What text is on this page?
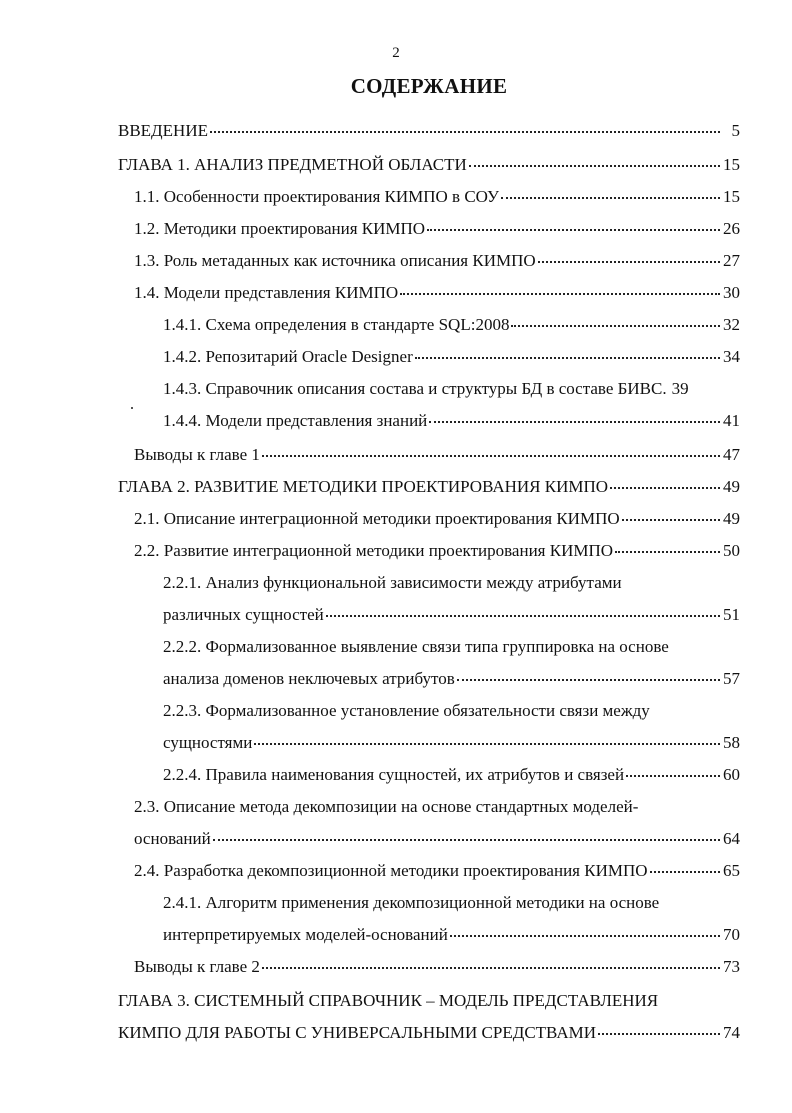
2
СОДЕРЖАНИЕ
ВВЕДЕНИЕ	5
ГЛАВА 1. АНАЛИЗ ПРЕДМЕТНОЙ ОБЛАСТИ	15
1.1. Особенности проектирования КИМПО в СОУ	15
1.2. Методики проектирования КИМПО	26
1.3. Роль метаданных как источника описания КИМПО	27
1.4. Модели представления КИМПО	30
1.4.1. Схема определения в стандарте SQL:2008	32
1.4.2. Репозитарий Oracle Designer	34
1.4.3. Справочник описания состава и структуры БД в составе БИВС. 39
1.4.4. Модели представления знаний	41
Выводы к главе 1	47
ГЛАВА 2. РАЗВИТИЕ МЕТОДИКИ ПРОЕКТИРОВАНИЯ КИМПО	49
2.1. Описание интеграционной методики проектирования КИМПО	49
2.2. Развитие интеграционной методики проектирования КИМПО	50
2.2.1. Анализ функциональной зависимости между атрибутами
различных сущностей	51
2.2.2. Формализованное выявление связи типа группировка на основе
анализа доменов неключевых атрибутов	57
2.2.3. Формализованное установление обязательности связи между
сущностями	58
2.2.4. Правила наименования сущностей, их атрибутов и связей	60
2.3. Описание метода декомпозиции на основе стандартных моделей-
оснований	64
2.4. Разработка декомпозиционной методики проектирования КИМПО	65
2.4.1. Алгоритм применения декомпозиционной методики на основе
интерпретируемых моделей-оснований	70
Выводы к главе 2	73
ГЛАВА 3. СИСТЕМНЫЙ СПРАВОЧНИК – МОДЕЛЬ ПРЕДСТАВЛЕНИЯ
КИМПО ДЛЯ РАБОТЫ С УНИВЕРСАЛЬНЫМИ СРЕДСТВАМИ	74
